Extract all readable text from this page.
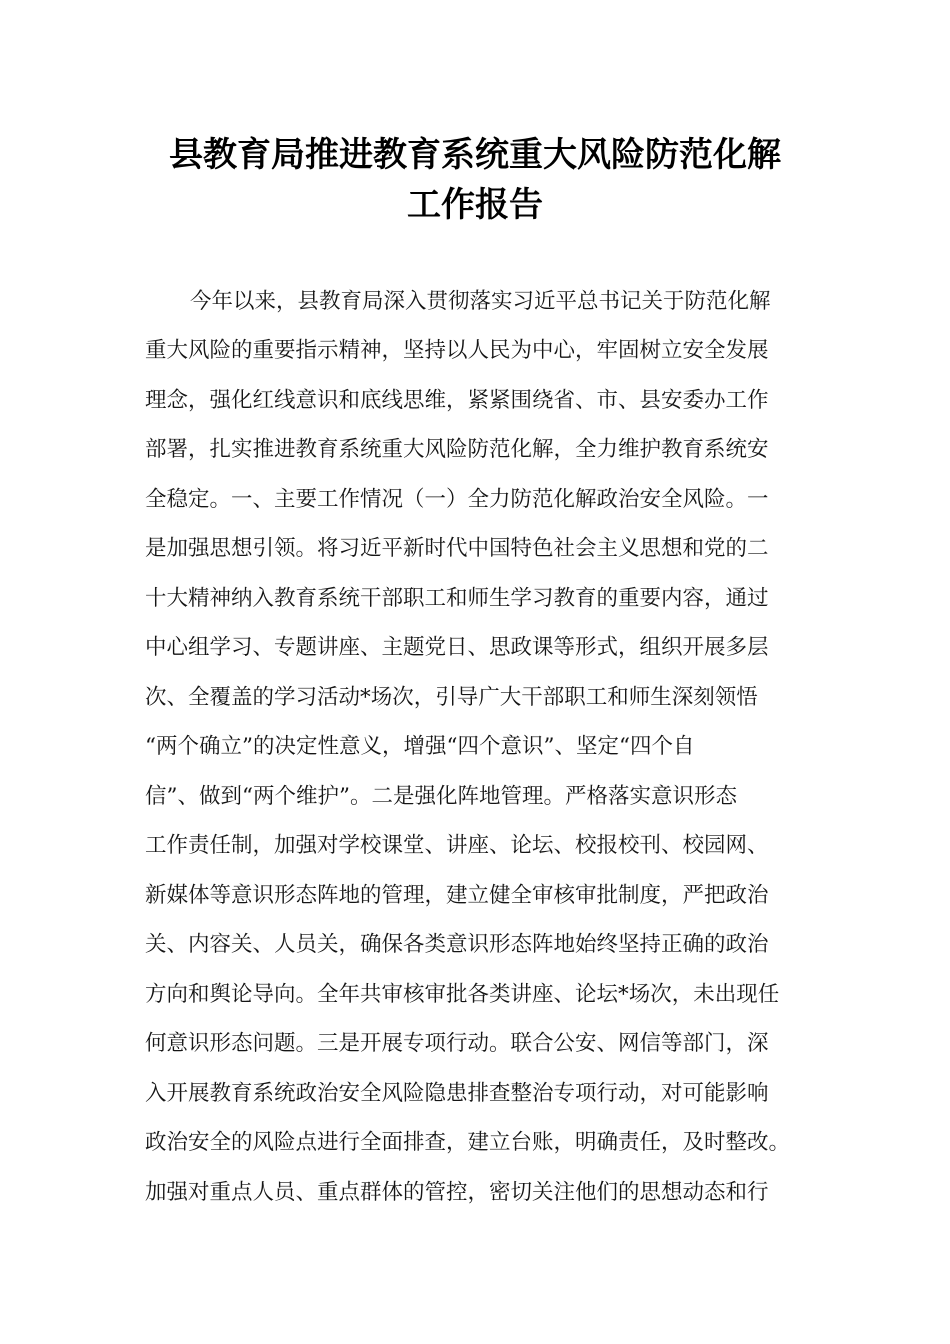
县教育局推进教育系统重大风险防范化解
工作报告
今年以来，县教育局深入贯彻落实习近平总书记关于防范化解
重大风险的重要指示精神，坚持以人民为中心，牢固树立安全发展
理念，强化红线意识和底线思维，紧紧围绕省、市、县安委办工作
部署，扎实推进教育系统重大风险防范化解，全力维护教育系统安
全稳定。一、主要工作情况（一）全力防范化解政治安全风险。一
是加强思想引领。将习近平新时代中国特色社会主义思想和党的二
十大精神纳入教育系统干部职工和师生学习教育的重要内容，通过
中心组学习、专题讲座、主题党日、思政课等形式，组织开展多层
次、全覆盖的学习活动*场次，引导广大干部职工和师生深刻领悟
“两个确立”的决定性意义，增强“四个意识”、坚定“四个自
信”、做到“两个维护”。二是强化阵地管理。严格落实意识形态
工作责任制，加强对学校课堂、讲座、论坛、校报校刊、校园网、
新媒体等意识形态阵地的管理，建立健全审核审批制度，严把政治
关、内容关、人员关，确保各类意识形态阵地始终坚持正确的政治
方向和舆论导向。全年共审核审批各类讲座、论坛*场次，未出现任
何意识形态问题。三是开展专项行动。联合公安、网信等部门，深
入开展教育系统政治安全风险隐患排查整治专项行动，对可能影响
政治安全的风险点进行全面排查，建立台账，明确责任，及时整改。
加强对重点人员、重点群体的管控，密切关注他们的思想动态和行
